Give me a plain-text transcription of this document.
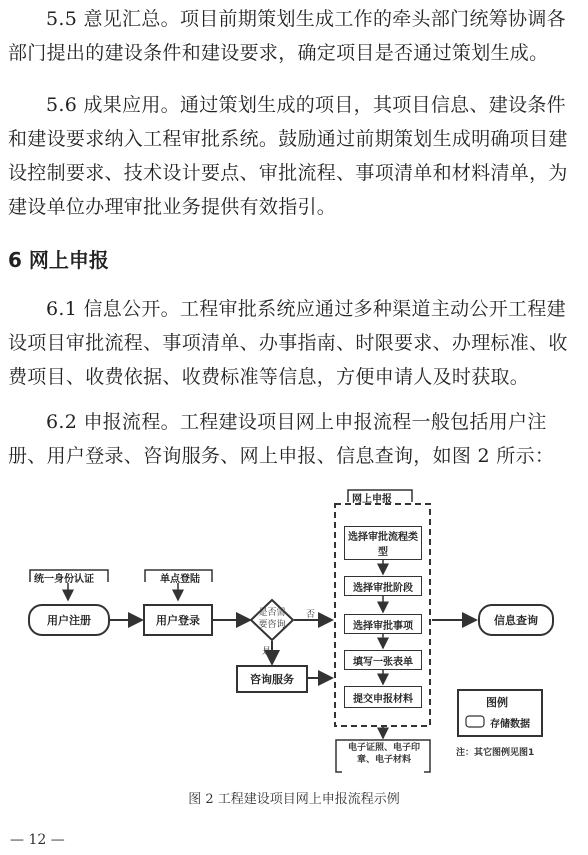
5.5 意见汇总。项目前期策划生成工作的牵头部门统筹协调各部门提出的建设条件和建设要求，确定项目是否通过策划生成。
5.6 成果应用。通过策划生成的项目，其项目信息、建设条件和建设要求纳入工程审批系统。鼓励通过前期策划生成明确项目建设控制要求、技术设计要点、审批流程、事项清单和材料清单，为建设单位办理审批业务提供有效指引。
6 网上申报
6.1 信息公开。工程审批系统应通过多种渠道主动公开工程建设项目审批流程、事项清单、办事指南、时限要求、办理标准、收费项目、收费依据、收费标准等信息，方便申请人及时获取。
6.2 申报流程。工程建设项目网上申报流程一般包括用户注册、用户登录、咨询服务、网上申报、信息查询，如图 2 所示：
统一身份认证	单点登陆
用户注册	用户登录
是否需要咨询
否
是
咨询服务
网上申报
选择审批流程类型
选择审批阶段
选择审批事项
填写一张表单
提交申报材料
电子证照、电子印章、电子材料
信息查询
图例
存储数据
注：其它图例见图1
图 2 工程建设项目网上申报流程示例
— 12 —
